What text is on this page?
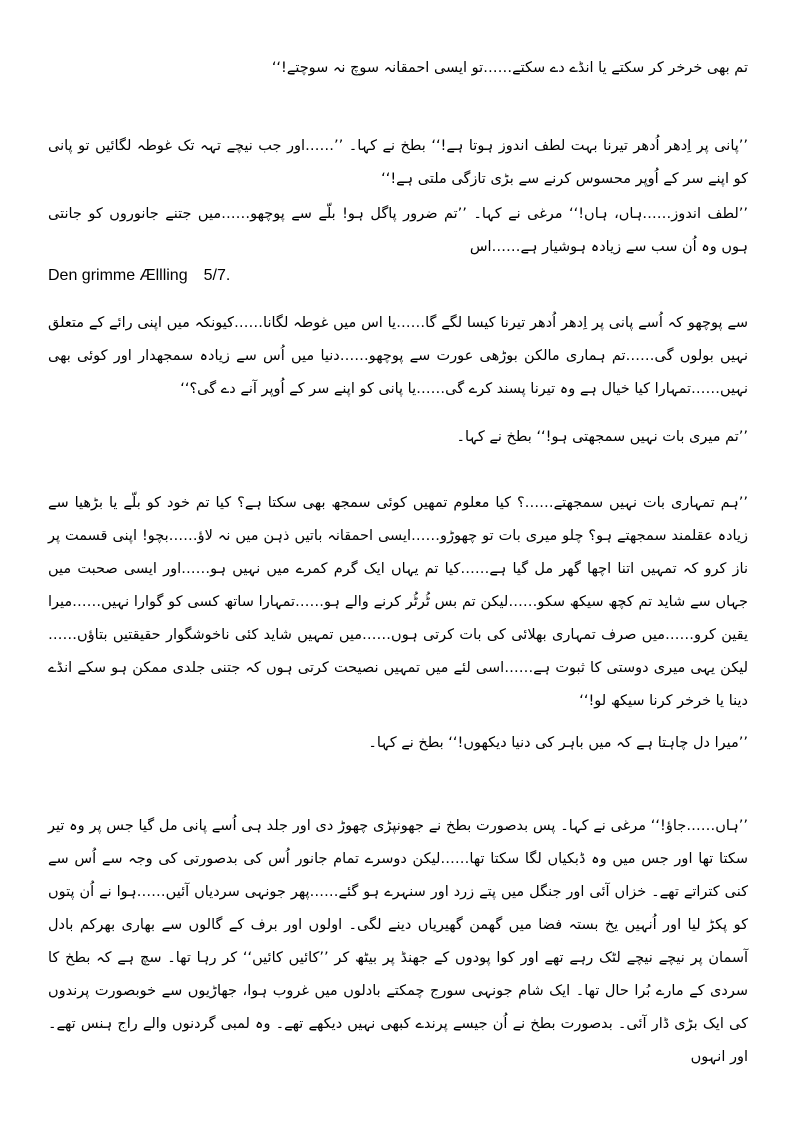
تم بھی خرخر کر سکتے یا انڈے دے سکتے……تو ایسی احمقانہ سوچ نہ سوچتے!‘‘

’’پانی پر اِدھر اُدھر تیرنا بہت لطف اندوز ہوتا ہے!‘‘ بطخ نے کہا۔ ’’……اور جب نیچے تہہ تک غوطہ لگائیں تو پانی کو اپنے سر کے اُوپر محسوس کرنے سے بڑی تازگی ملتی ہے!‘‘

’’لطف اندوز……ہاں، ہاں!‘‘ مرغی نے کہا۔ ’’تم ضرور پاگل ہو! بلّے سے پوچھو……میں جتنے جانوروں کو جانتی ہوں وہ اُن سب سے زیادہ ہوشیار ہے……اس

Den grimme Ællling 5/7.

سے پوچھو کہ اُسے پانی پر اِدھر اُدھر تیرنا کیسا لگے گا……یا اس میں غوطہ لگانا……کیونکہ میں اپنی رائے کے متعلق نہیں بولوں گی……تم ہماری مالکن بوڑھی عورت سے پوچھو……دنیا میں اُس سے زیادہ سمجھدار اور کوئی بھی نہیں……تمہارا کیا خیال ہے وہ تیرنا پسند کرے گی……یا پانی کو اپنے سر کے اُوپر آنے دے گی؟‘‘

’’تم میری بات نہیں سمجھتی ہو!‘‘ بطخ نے کہا۔

’’ہم تمہاری بات نہیں سمجھتے……؟ کیا معلوم تمھیں کوئی سمجھ بھی سکتا ہے؟ کیا تم خود کو بلّے یا بڑھیا سے زیادہ عقلمند سمجھتے ہو؟ چلو میری بات تو چھوڑو……ایسی احمقانہ باتیں ذہن میں نہ لاؤ……بچو! اپنی قسمت پر ناز کرو کہ تمہیں اتنا اچھا گھر مل گیا ہے……کیا تم یہاں ایک گرم کمرے میں نہیں ہو……اور ایسی صحبت میں جہاں سے شاید تم کچھ سیکھ سکو……لیکن تم بس ٹُرٹُر کرنے والے ہو……تمہارا ساتھ کسی کو گوارا نہیں……میرا یقین کرو……میں صرف تمہاری بھلائی کی بات کرتی ہوں……میں تمہیں شاید کئی ناخوشگوار حقیقتیں بتاؤں……لیکن یہی میری دوستی کا ثبوت ہے……اسی لئے میں تمہیں نصیحت کرتی ہوں کہ جتنی جلدی ممکن ہو سکے انڈے دینا یا خرخر کرنا سیکھ لو!‘‘

’’میرا دل چاہتا ہے کہ میں باہر کی دنیا دیکھوں!‘‘ بطخ نے کہا۔

’’ہاں……جاؤ!‘‘ مرغی نے کہا۔ پس بدصورت بطخ نے جھونپڑی چھوڑ دی اور جلد ہی اُسے پانی مل گیا جس پر وہ تیر سکتا تھا اور جس میں وہ ڈبکیاں لگا سکتا تھا……لیکن دوسرے تمام جانور اُس کی بدصورتی کی وجہ سے اُس سے کنی کتراتے تھے۔ خزاں آئی اور جنگل میں پتے زرد اور سنہرے ہو گئے……پھر جونہی سردیاں آئیں……ہوا نے اُن پتوں کو پکڑ لیا اور اُنہیں یخ بستہ فضا میں گھمن گھیریاں دینے لگی۔ اولوں اور برف کے گالوں سے بھاری بھرکم بادل آسمان پر نیچے نیچے لٹک رہے تھے اور کوا پودوں کے جھنڈ پر بیٹھ کر ’’کائیں کائیں‘‘ کر رہا تھا۔ سچ ہے کہ بطخ کا سردی کے مارے بُرا حال تھا۔ ایک شام جونہی سورج چمکتے بادلوں میں غروب ہوا، جھاڑیوں سے خوبصورت پرندوں کی ایک بڑی ڈار آئی۔ بدصورت بطخ نے اُن جیسے پرندے کبھی نہیں دیکھے تھے۔ وہ لمبی گردنوں والے راج ہنس تھے۔ اور انہوں
